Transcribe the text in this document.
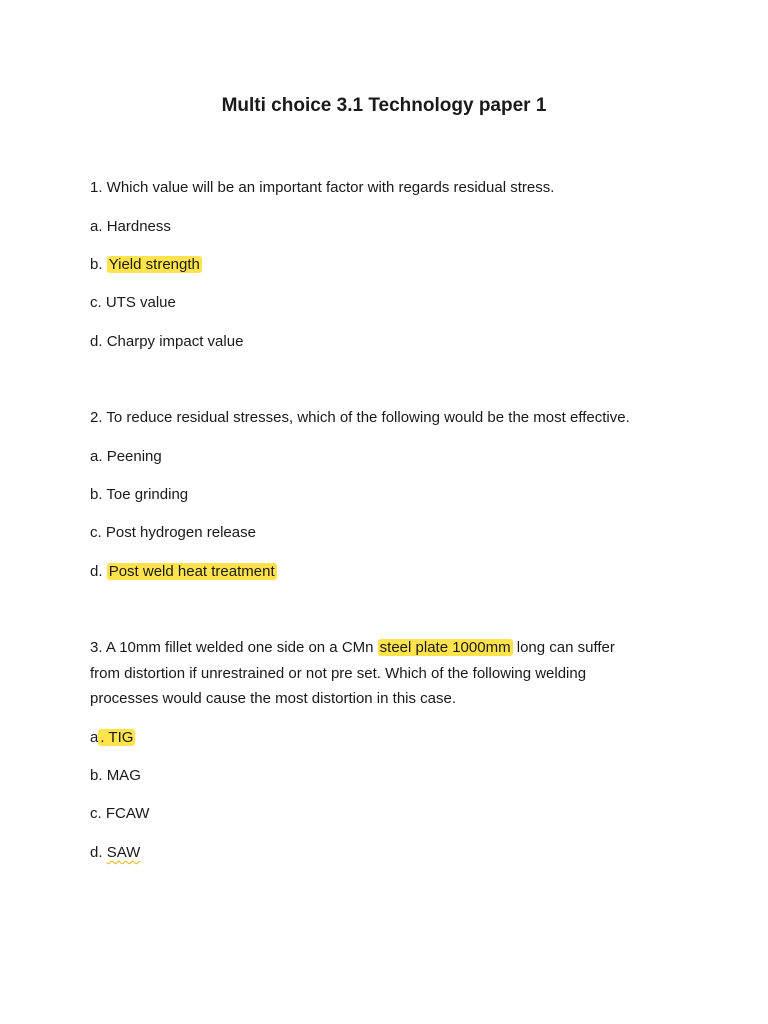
Multi choice 3.1 Technology paper 1
1. Which value will be an important factor with regards residual stress.
a. Hardness
b. Yield strength
c. UTS value
d. Charpy impact value
2. To reduce residual stresses, which of the following would be the most effective.
a. Peening
b. Toe grinding
c. Post hydrogen release
d. Post weld heat treatment
3. A 10mm fillet welded one side on a CMn steel plate 1000mm long can suffer
from distortion if unrestrained or not pre set. Which of the following welding
processes would cause the most distortion in this case.
a . TIG
b. MAG
c. FCAW
d. SAW
